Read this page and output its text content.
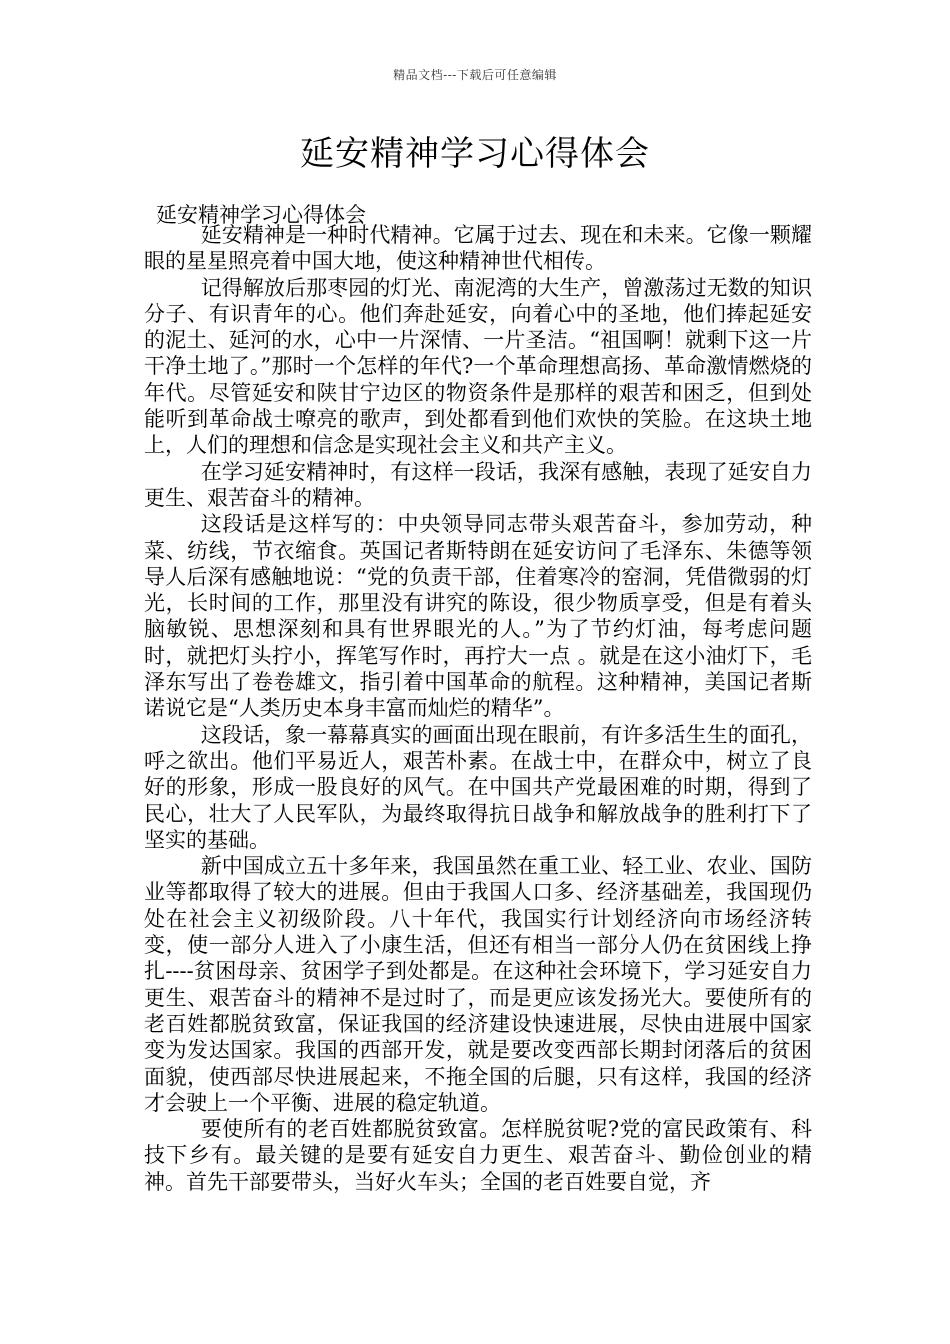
精品文档---下载后可任意编辑
延安精神学习心得体会
延安精神学习心得体会

延安精神是一种时代精神。它属于过去、现在和未来。它像一颗耀眼的星星照亮着中国大地，使这种精神世代相传。

记得解放后那枣园的灯光、南泥湾的大生产，曾激荡过无数的知识分子、有识青年的心。他们奔赴延安，向着心中的圣地，他们捧起延安的泥土、延河的水，心中一片深情、一片圣洁。“祖国啊！就剩下这一片干净土地了。”那时一个怎样的年代?一个革命理想高扬、革命激情燃烧的年代。尽管延安和陕甘宁边区的物资条件是那样的艰苦和困乏，但到处能听到革命战士嘹亮的歌声，到处都看到他们欢快的笑脸。在这块土地上，人们的理想和信念是实现社会主义和共产主义。

在学习延安精神时，有这样一段话，我深有感触，表现了延安自力更生、艰苦奋斗的精神。

这段话是这样写的：中央领导同志带头艰苦奋斗，参加劳动，种菜、纺线，节衣缩食。英国记者斯特朗在延安访问了毛泽东、朱德等领导人后深有感触地说：“党的负责干部，住着寒冷的窑洞，凭借微弱的灯光，长时间的工作，那里没有讲究的陈设，很少物质享受，但是有着头脑敏锐、思想深刻和具有世界眼光的人。”为了节约灯油，每考虑问题时，就把灯头拧小，挥笔写作时，再拧大一点 。就是在这小油灯下，毛泽东写出了卷卷雄文，指引着中国革命的航程。这种精神，美国记者斯诺说它是“人类历史本身丰富而灿烂的精华”。

这段话，象一幕幕真实的画面出现在眼前，有许多活生生的面孔，呼之欲出。他们平易近人，艰苦朴素。在战士中，在群众中，树立了良好的形象，形成一股良好的风气。在中国共产党最困难的时期，得到了民心，壮大了人民军队，为最终取得抗日战争和解放战争的胜利打下了坚实的基础。

新中国成立五十多年来，我国虽然在重工业、轻工业、农业、国防业等都取得了较大的进展。但由于我国人口多、经济基础差，我国现仍处在社会主义初级阶段。八十年代，我国实行计划经济向市场经济转变，使一部分人进入了小康生活，但还有相当一部分人仍在贫困线上挣扎----贫困母亲、贫困学子到处都是。在这种社会环境下，学习延安自力更生、艰苦奋斗的精神不是过时了，而是更应该发扬光大。要使所有的老百姓都脱贫致富，保证我国的经济建设快速进展，尽快由进展中国家变为发达国家。我国的西部开发，就是要改变西部长期封闭落后的贫困面貌，使西部尽快进展起来，不拖全国的后腿，只有这样，我国的经济才会驶上一个平衡、进展的稳定轨道。

要使所有的老百姓都脱贫致富。怎样脱贫呢?党的富民政策有、科技下乡有。最关键的是要有延安自力更生、艰苦奋斗、勤俭创业的精神。首先干部要带头，当好火车头；全国的老百姓要自觉，齐
